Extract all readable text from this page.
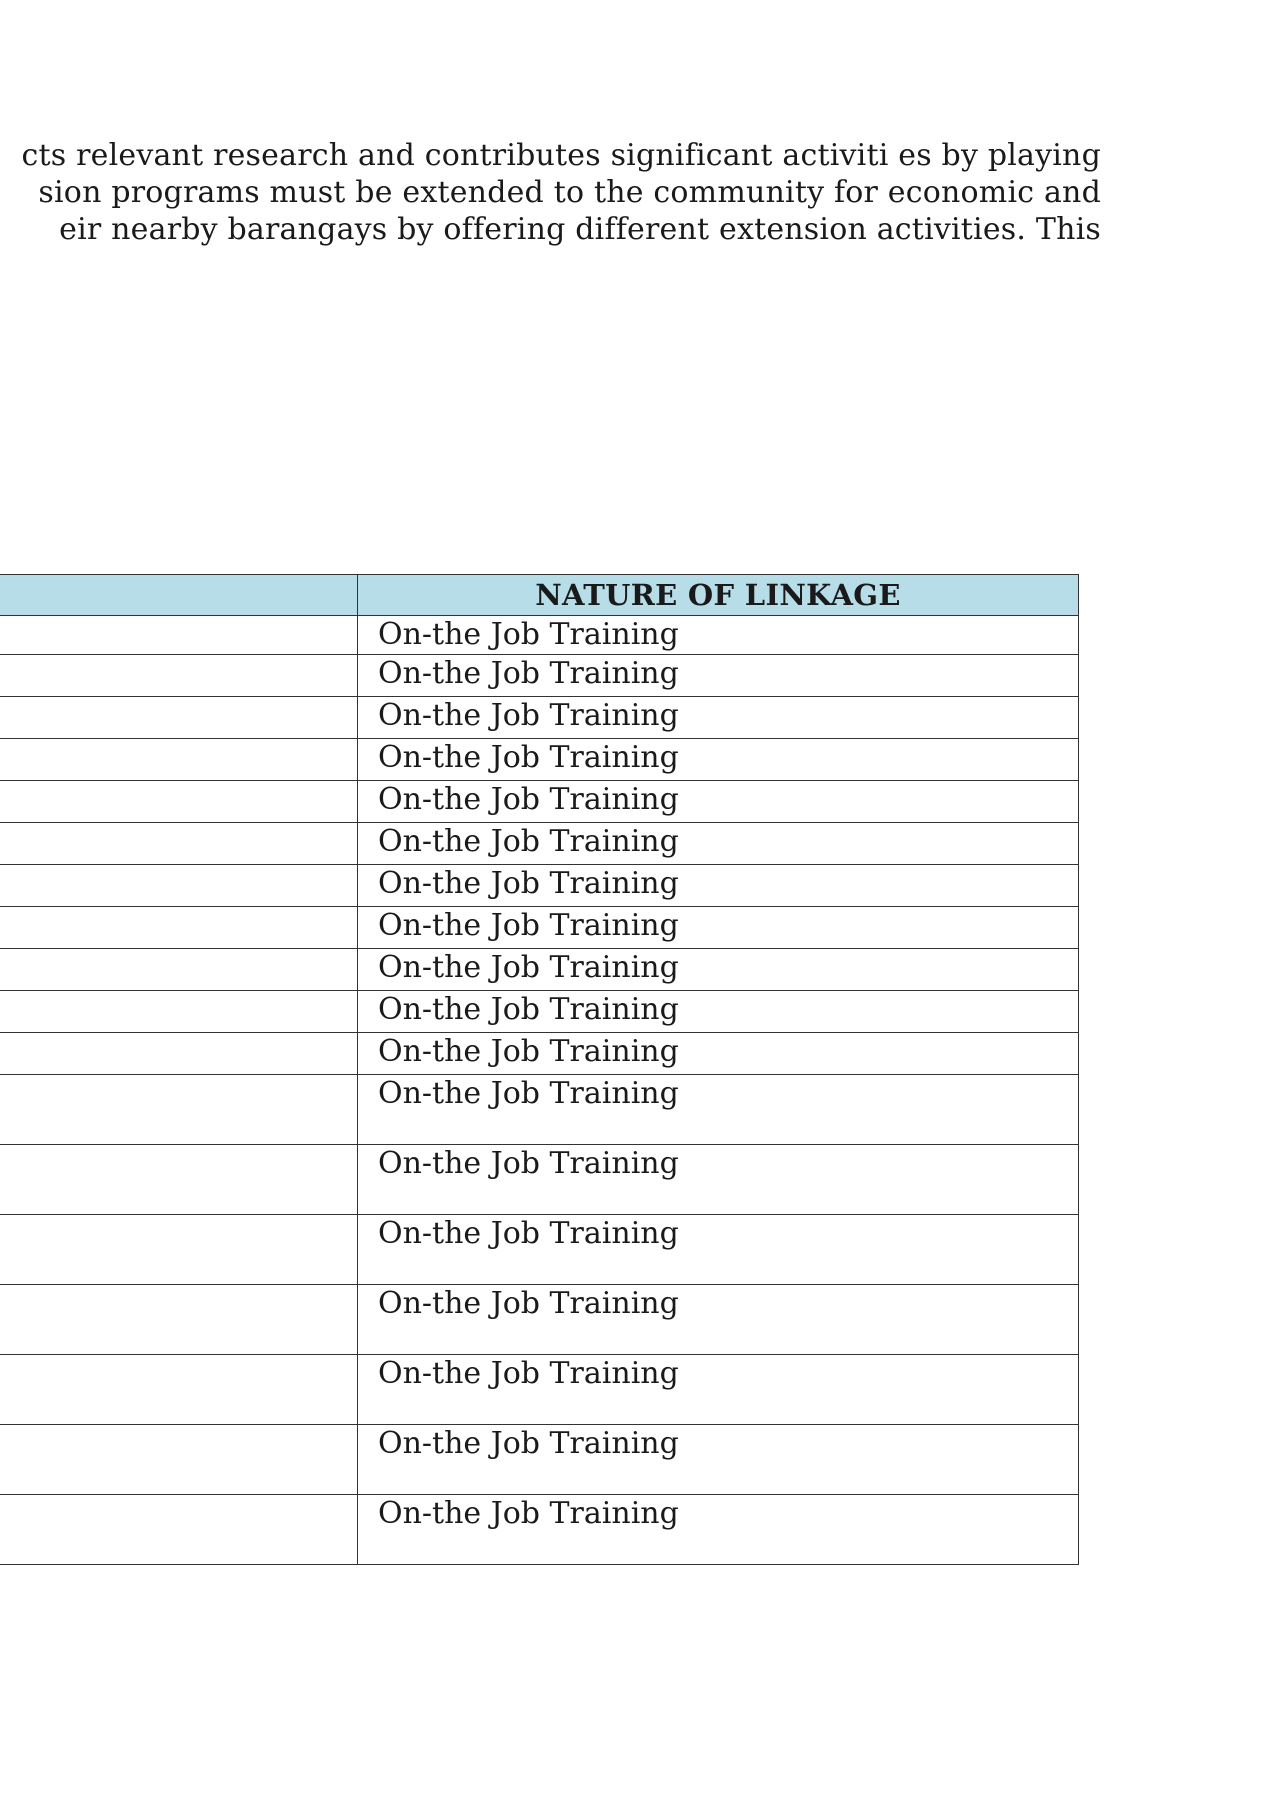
cts relevant research and contributes significant activiti es by playing
sion programs must be extended to the community for economic and
eir nearby barangays by offering different extension activities. This

	NATURE OF LINKAGE
	On-the Job Training
	On-the Job Training
	On-the Job Training
	On-the Job Training
	On-the Job Training
	On-the Job Training
	On-the Job Training
	On-the Job Training
	On-the Job Training
	On-the Job Training
	On-the Job Training
	On-the Job Training
	On-the Job Training
	On-the Job Training
	On-the Job Training
	On-the Job Training
	On-the Job Training
	On-the Job Training
